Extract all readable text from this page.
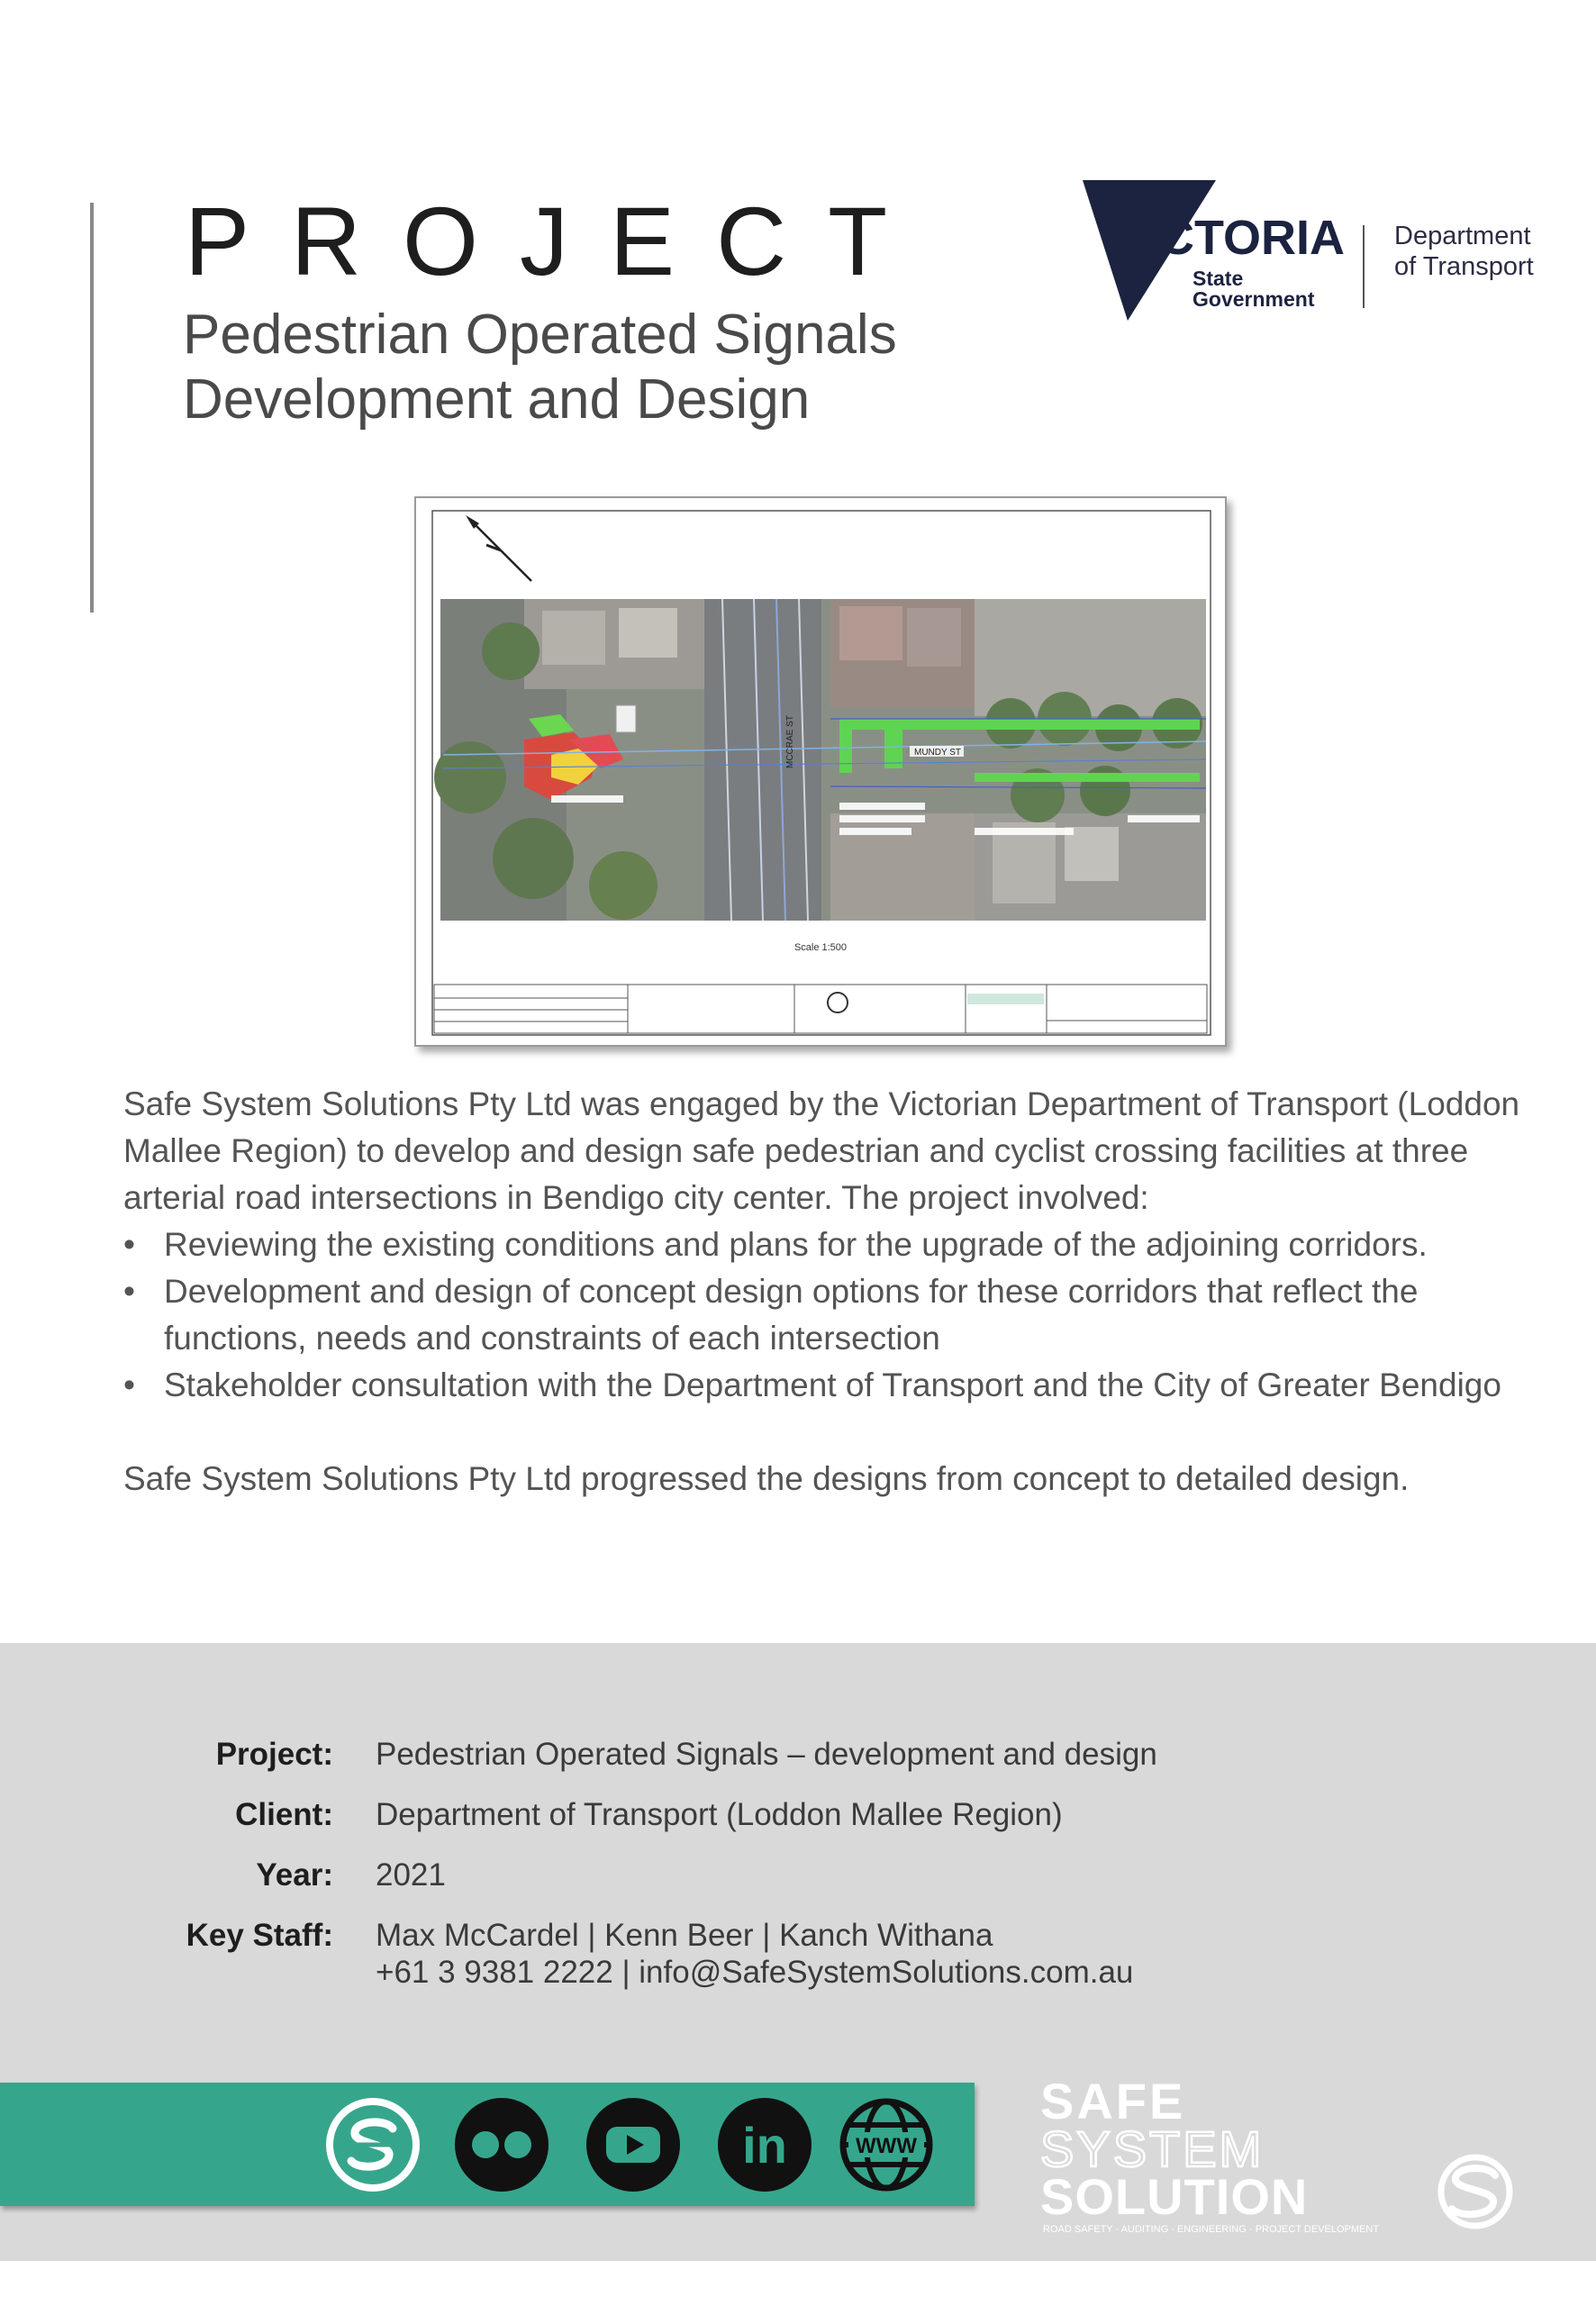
PROJECT
Pedestrian Operated Signals
Development and Design
VICTORIA
State
Government
Department
of Transport
MUNDY ST
MCCRAE ST
Scale 1:500

Safe System Solutions Pty Ltd was engaged by the Victorian Department of Transport (Loddon Mallee Region) to develop and design safe pedestrian and cyclist crossing facilities at three arterial road intersections in Bendigo city center. The project involved:

• Reviewing the existing conditions and plans for the upgrade of the adjoining corridors.
• Development and design of concept design options for these corridors that reflect the functions, needs and constraints of each intersection
• Stakeholder consultation with the Department of Transport and the City of Greater Bendigo

Safe System Solutions Pty Ltd progressed the designs from concept to detailed design.

Project: Pedestrian Operated Signals – development and design
Client: Department of Transport (Loddon Mallee Region)
Year: 2021
Key Staff: Max McCardel | Kenn Beer | Kanch Withana
+61 3 9381 2222 | info@SafeSystemSolutions.com.au
in	WWW
SAFE
SYSTEM
SOLUTION
ROAD SAFETY · AUDITING · ENGINEERING · PROJECT DEVELOPMENT
